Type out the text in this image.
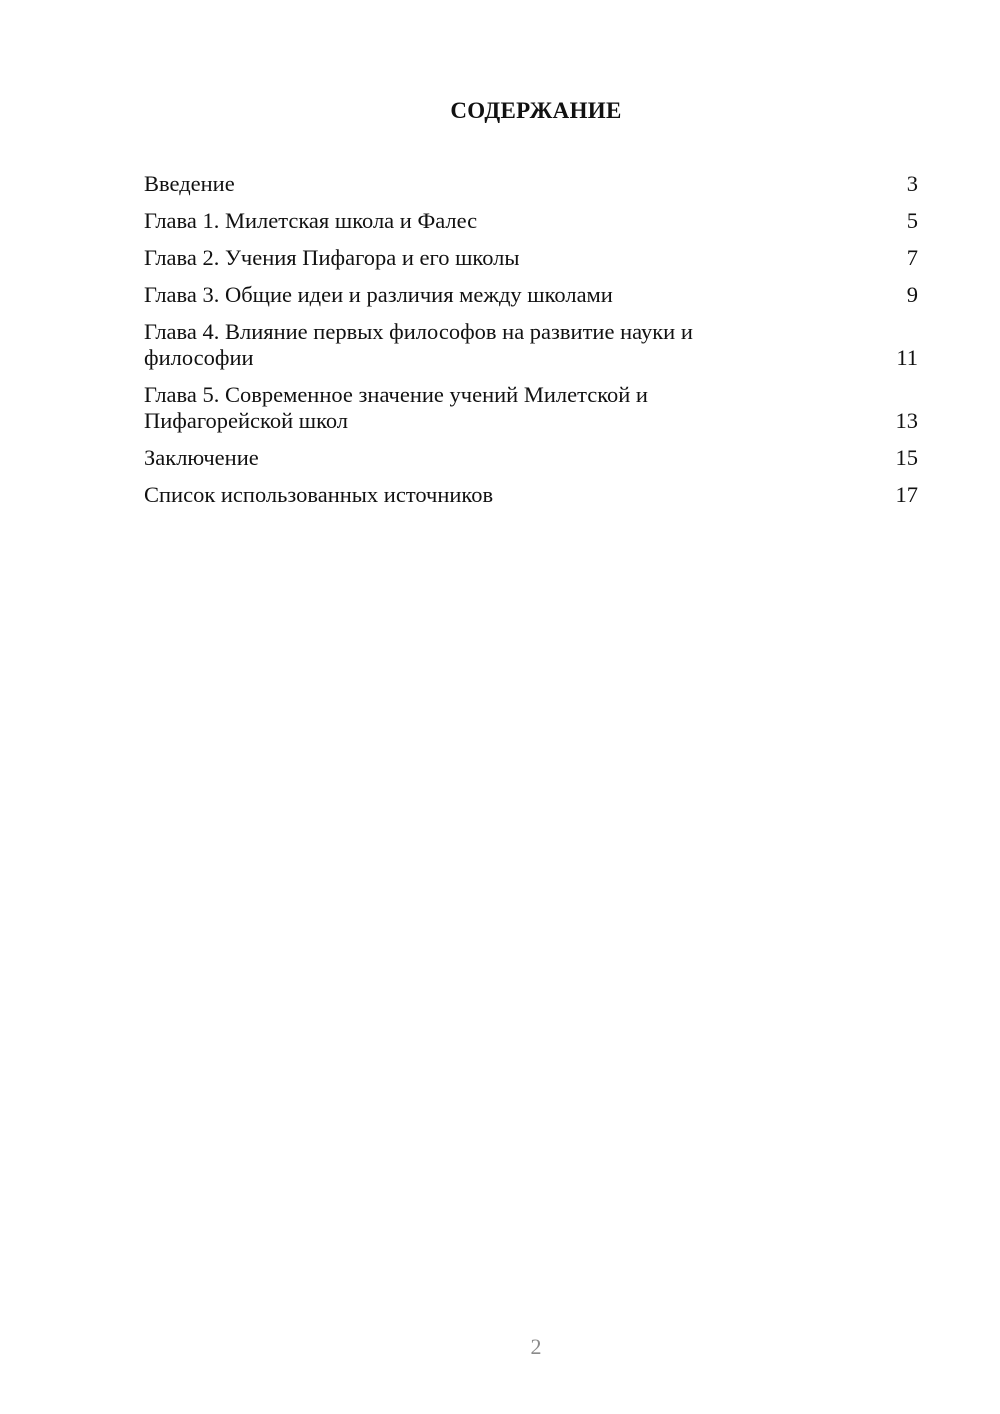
СОДЕРЖАНИЕ
Введение	3
Глава 1. Милетская школа и Фалес	5
Глава 2. Учения Пифагора и его школы	7
Глава 3. Общие идеи и различия между школами	9
Глава 4. Влияние первых философов на развитие науки и философии	11
Глава 5. Современное значение учений Милетской и Пифагорейской школ	13
Заключение	15
Список использованных источников	17
2
